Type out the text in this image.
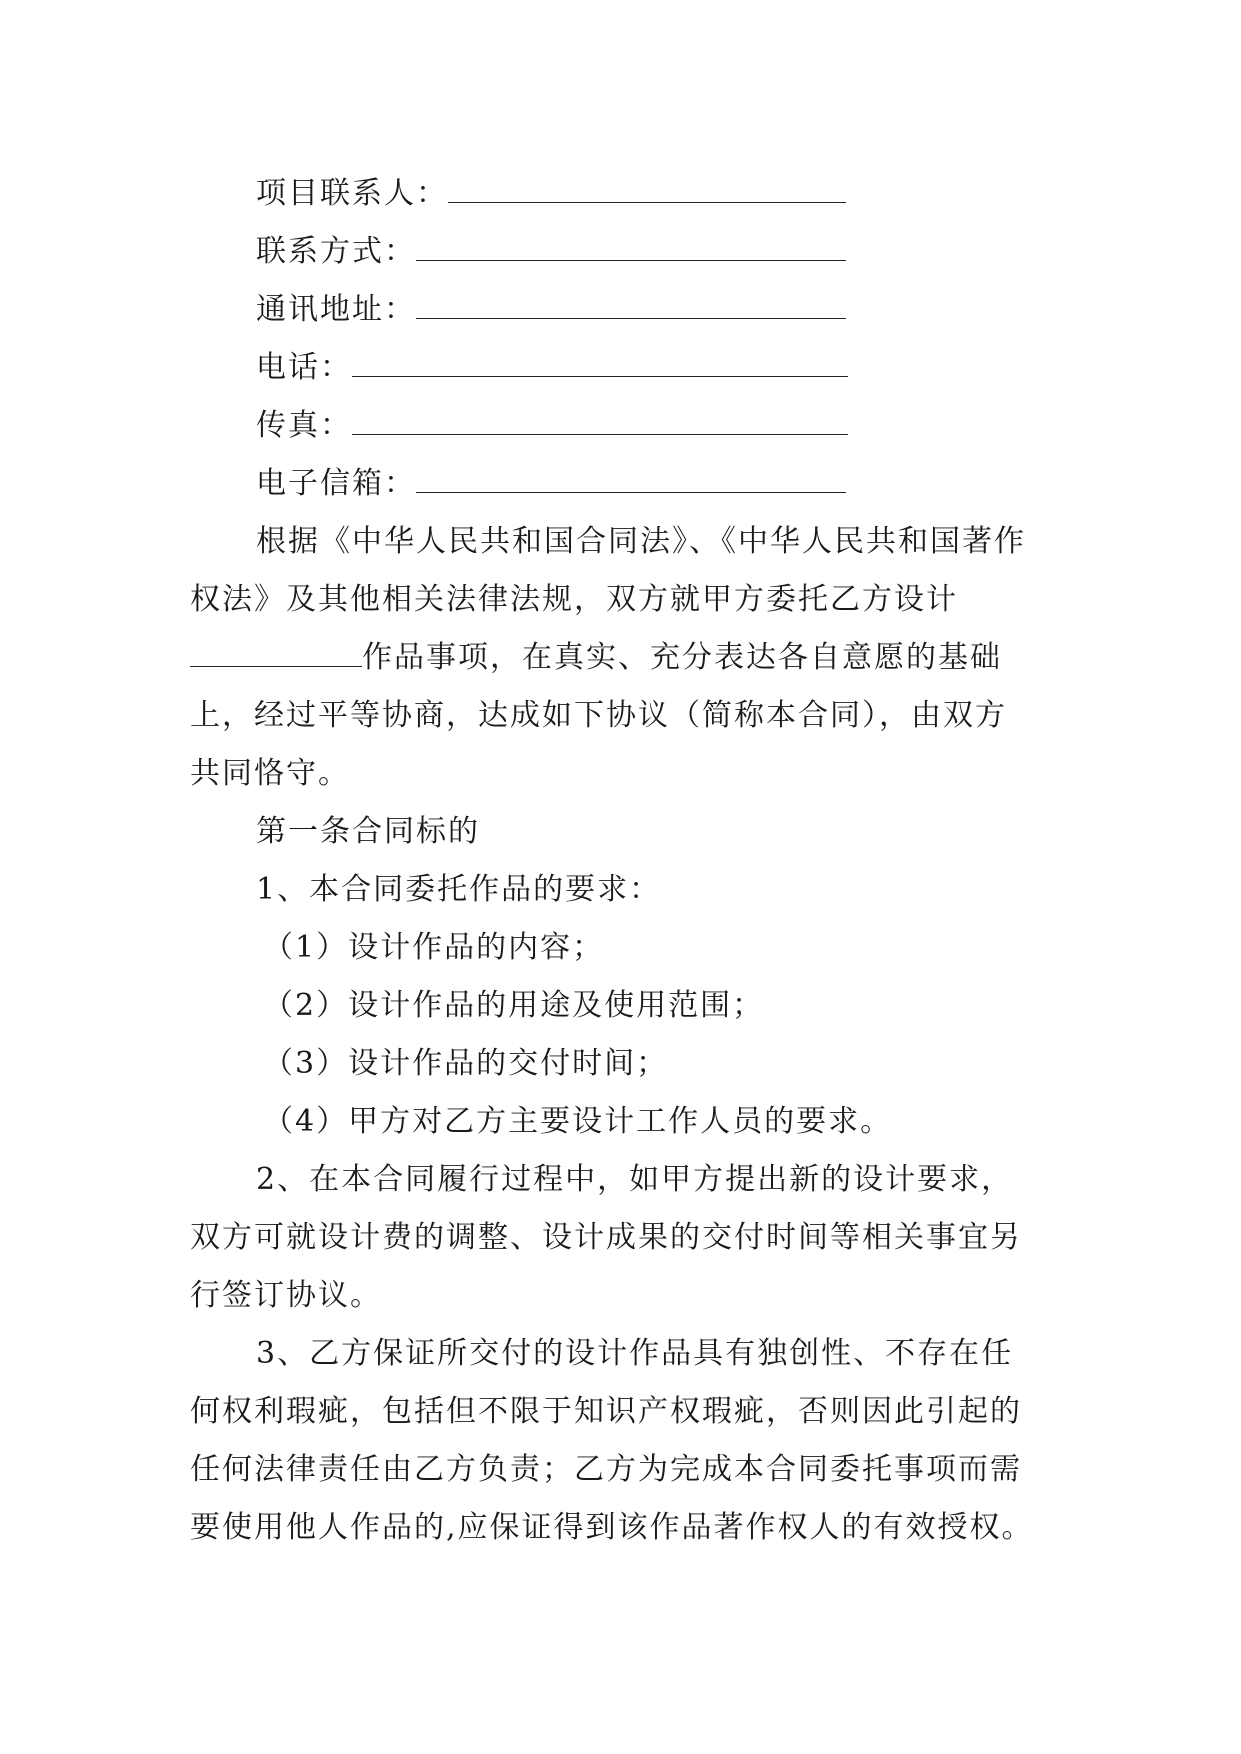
项目联系人：
联系方式：
通讯地址：
电话：
传真：
电子信箱：
根据《中华人民共和国合同法》、《中华人民共和国著作
权法》及其他相关法律法规，双方就甲方委托乙方设计
作品事项，在真实、充分表达各自意愿的基础
上，经过平等协商，达成如下协议（简称本合同），由双方
共同恪守。
第一条合同标的
1、本合同委托作品的要求：
（1）设计作品的内容；
（2）设计作品的用途及使用范围；
（3）设计作品的交付时间；
（4）甲方对乙方主要设计工作人员的要求。
2、在本合同履行过程中，如甲方提出新的设计要求，
双方可就设计费的调整、设计成果的交付时间等相关事宜另
行签订协议。
3、乙方保证所交付的设计作品具有独创性、不存在任
何权利瑕疵，包括但不限于知识产权瑕疵，否则因此引起的
任何法律责任由乙方负责；乙方为完成本合同委托事项而需
要使用他人作品的,应保证得到该作品著作权人的有效授权。
